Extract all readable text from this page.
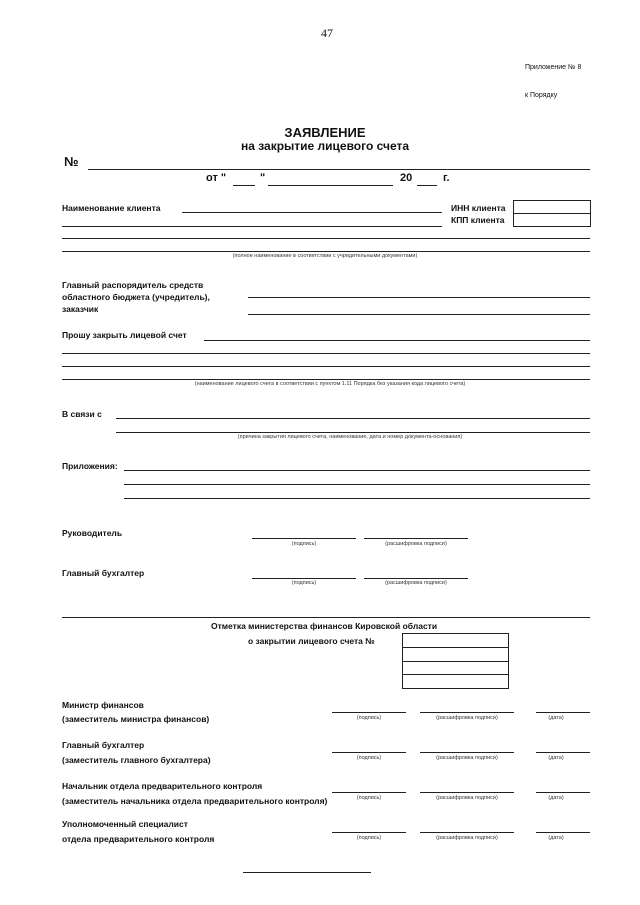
47
Приложение № 8
к Порядку
ЗАЯВЛЕНИЕ
на закрытие лицевого счета
№
от "	"	20	г.
Наименование клиента	ИНН клиента
КПП клиента
(полное наименование в соответствии с учредительными документами)
Главный распорядитель средств
областного бюджета (учредитель),
заказчик
Прошу закрыть лицевой счет
(наименование лицевого счета в соответствии с пунктом 1.11 Порядка без указания кода лицевого счета)
В связи с
(причина закрытия лицевого счета, наименование, дата и номер документа-основания)
Приложения:
Руководитель
(подпись)	(расшифровка подписи)
Главный бухгалтер
(подпись)	(расшифровка подписи)
Отметка министерства финансов Кировской области
о закрытии лицевого счета №
Министр финансов
(заместитель министра финансов)	(подпись)	(расшифровка подписи)	(дата)
Главный бухгалтер
(заместитель главного бухгалтера)	(подпись)	(расшифровка подписи)	(дата)
Начальник отдела предварительного контроля
(заместитель начальника отдела предварительного контроля)	(подпись)	(расшифровка подписи)	(дата)
Уполномоченный специалист
отдела предварительного контроля	(подпись)	(расшифровка подписи)	(дата)
